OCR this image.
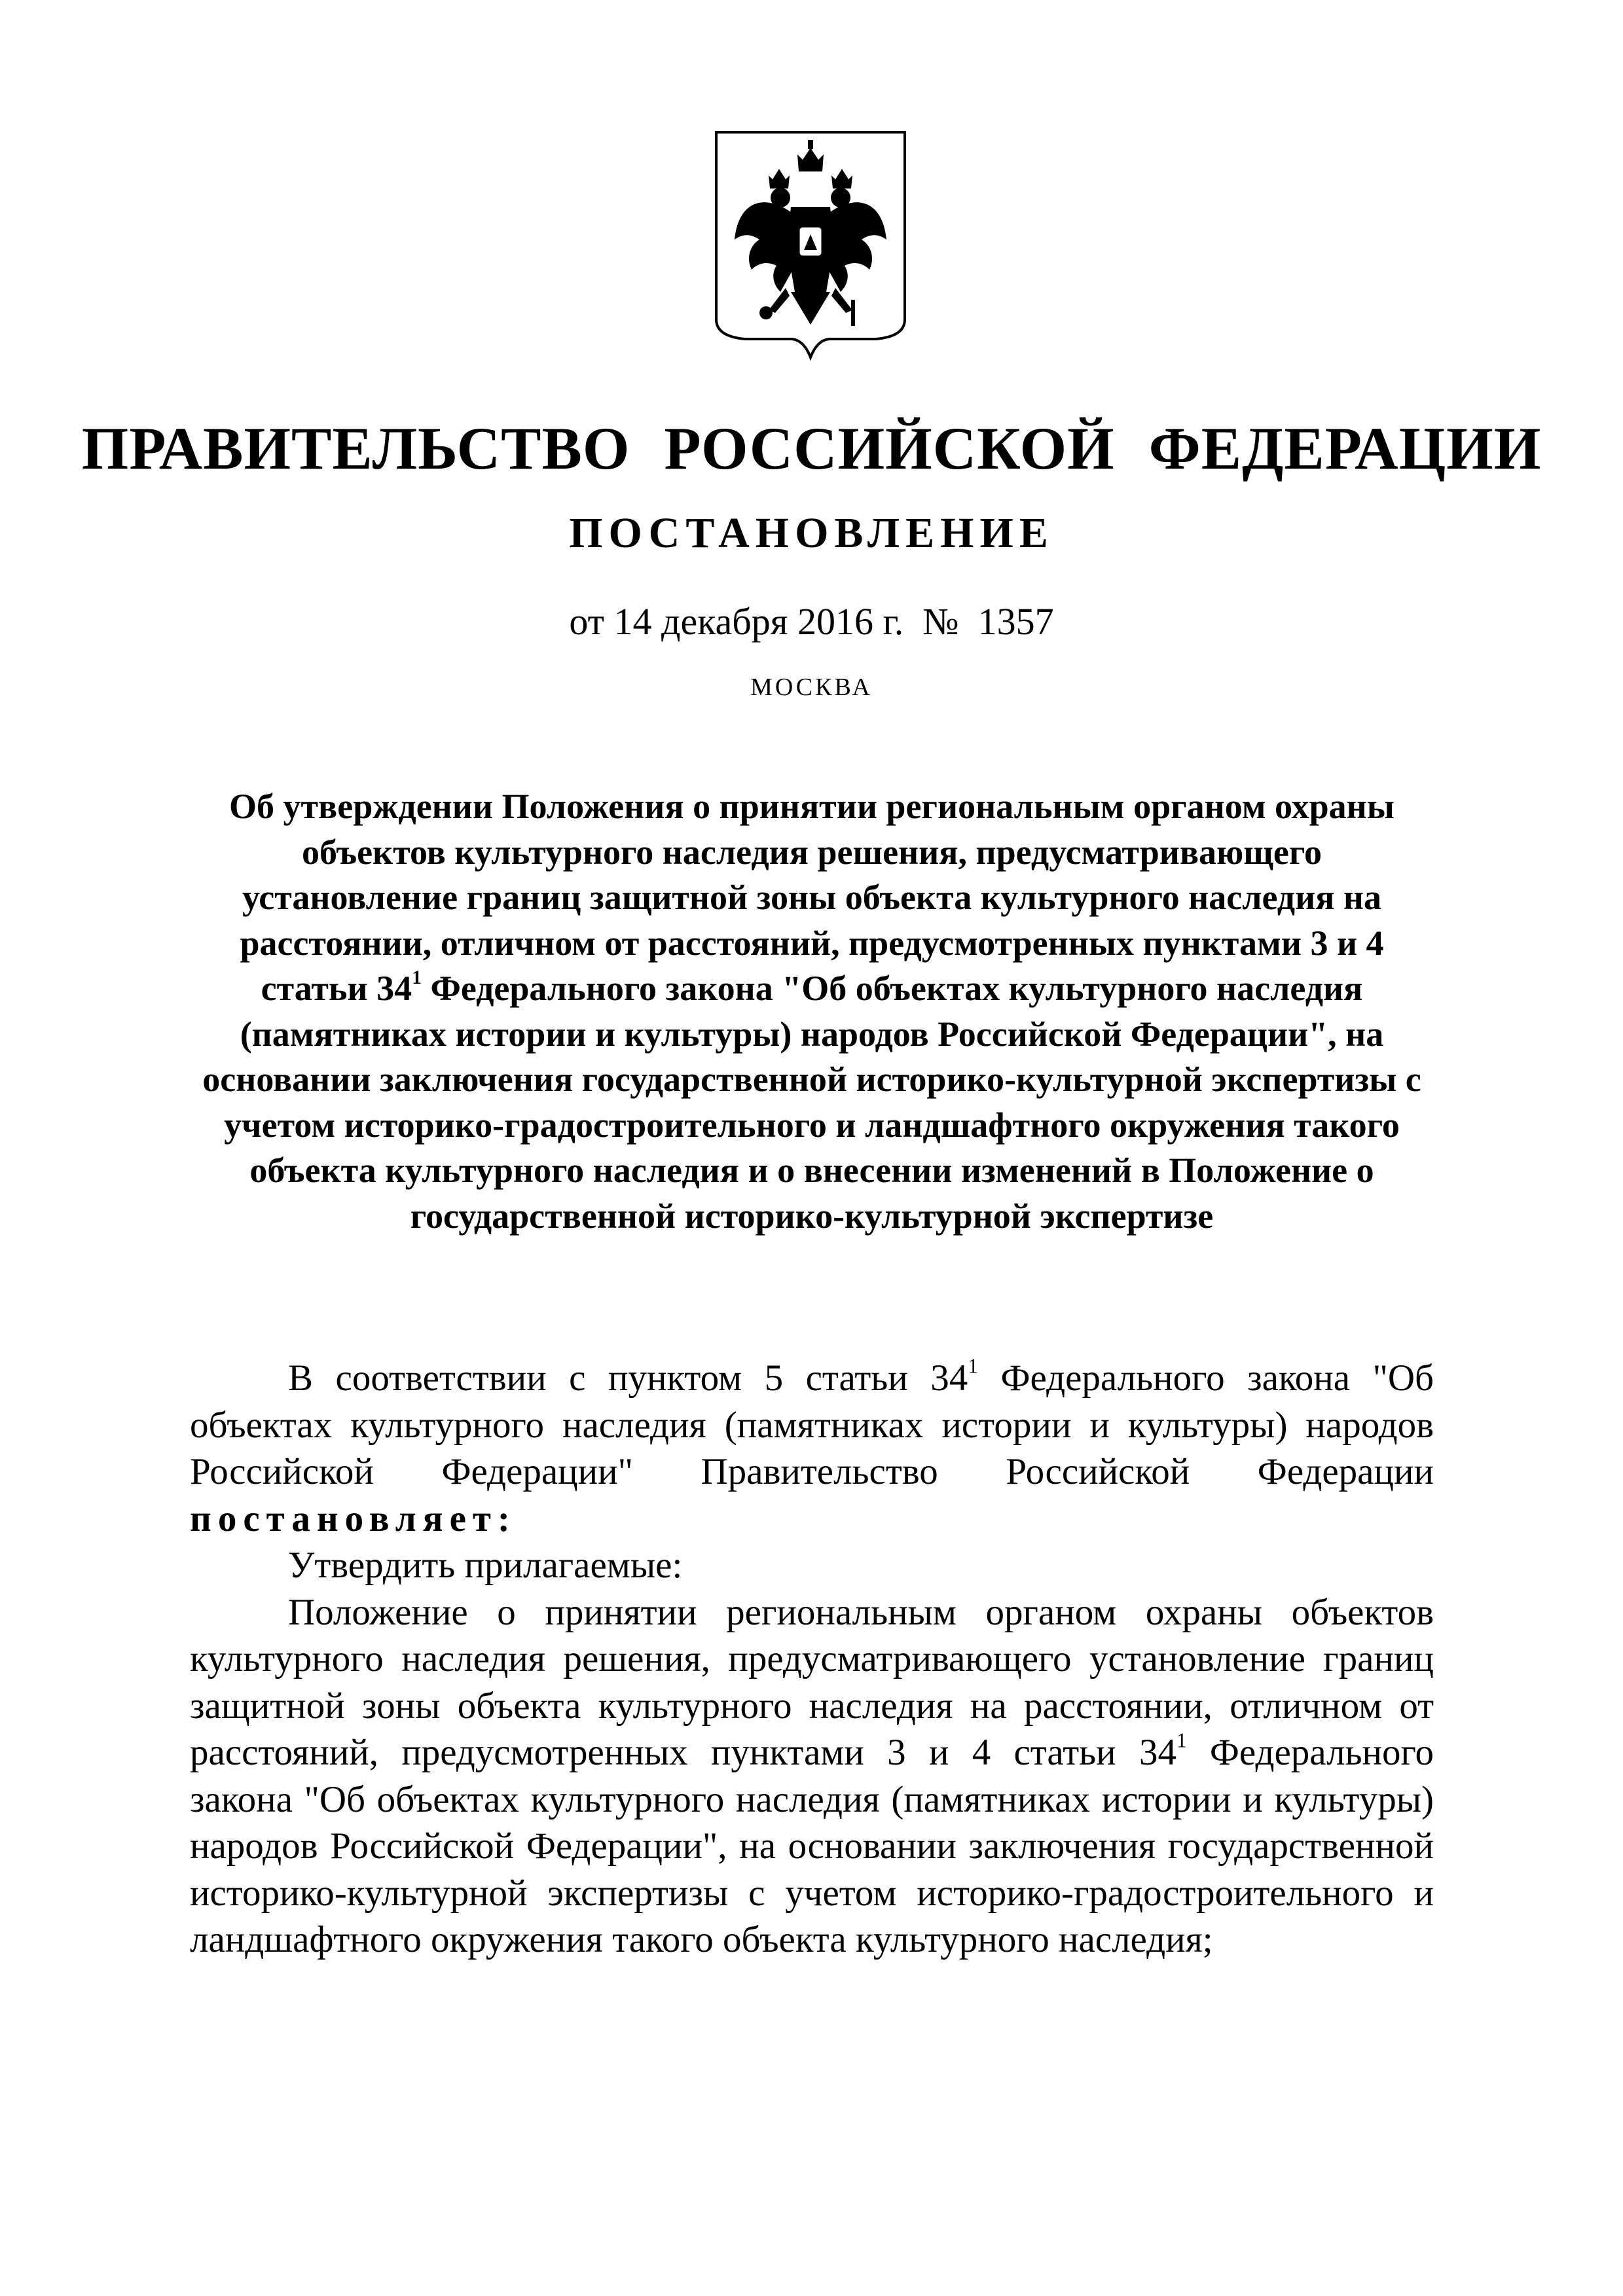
ПРАВИТЕЛЬСТВО РОССИЙСКОЙ ФЕДЕРАЦИИ
ПОСТАНОВЛЕНИЕ
от 14 декабря 2016 г. № 1357
МОСКВА

Об утверждении Положения о принятии региональным органом охраны объектов культурного наследия решения, предусматривающего установление границ защитной зоны объекта культурного наследия на расстоянии, отличном от расстояний, предусмотренных пунктами 3 и 4 статьи $34^1$ Федерального закона "Об объектах культурного наследия (памятниках истории и культуры) народов Российской Федерации", на основании заключения государственной историко-культурной экспертизы с учетом историко-градостроительного и ландшафтного окружения такого объекта культурного наследия и о внесении изменений в Положение о государственной историко-культурной экспертизе

В соответствии с пунктом 5 статьи $34^1$ Федерального закона "Об объектах культурного наследия (памятниках истории и культуры) народов Российской Федерации" Правительство Российской Федерации постановляет:

Утвердить прилагаемые:

Положение о принятии региональным органом охраны объектов культурного наследия решения, предусматривающего установление границ защитной зоны объекта культурного наследия на расстоянии, отличном от расстояний, предусмотренных пунктами 3 и 4 статьи $34^1$ Федерального закона "Об объектах культурного наследия (памятниках истории и культуры) народов Российской Федерации", на основании заключения государственной историко-культурной экспертизы с учетом историко-градостроительного и ландшафтного окружения такого объекта культурного наследия;
